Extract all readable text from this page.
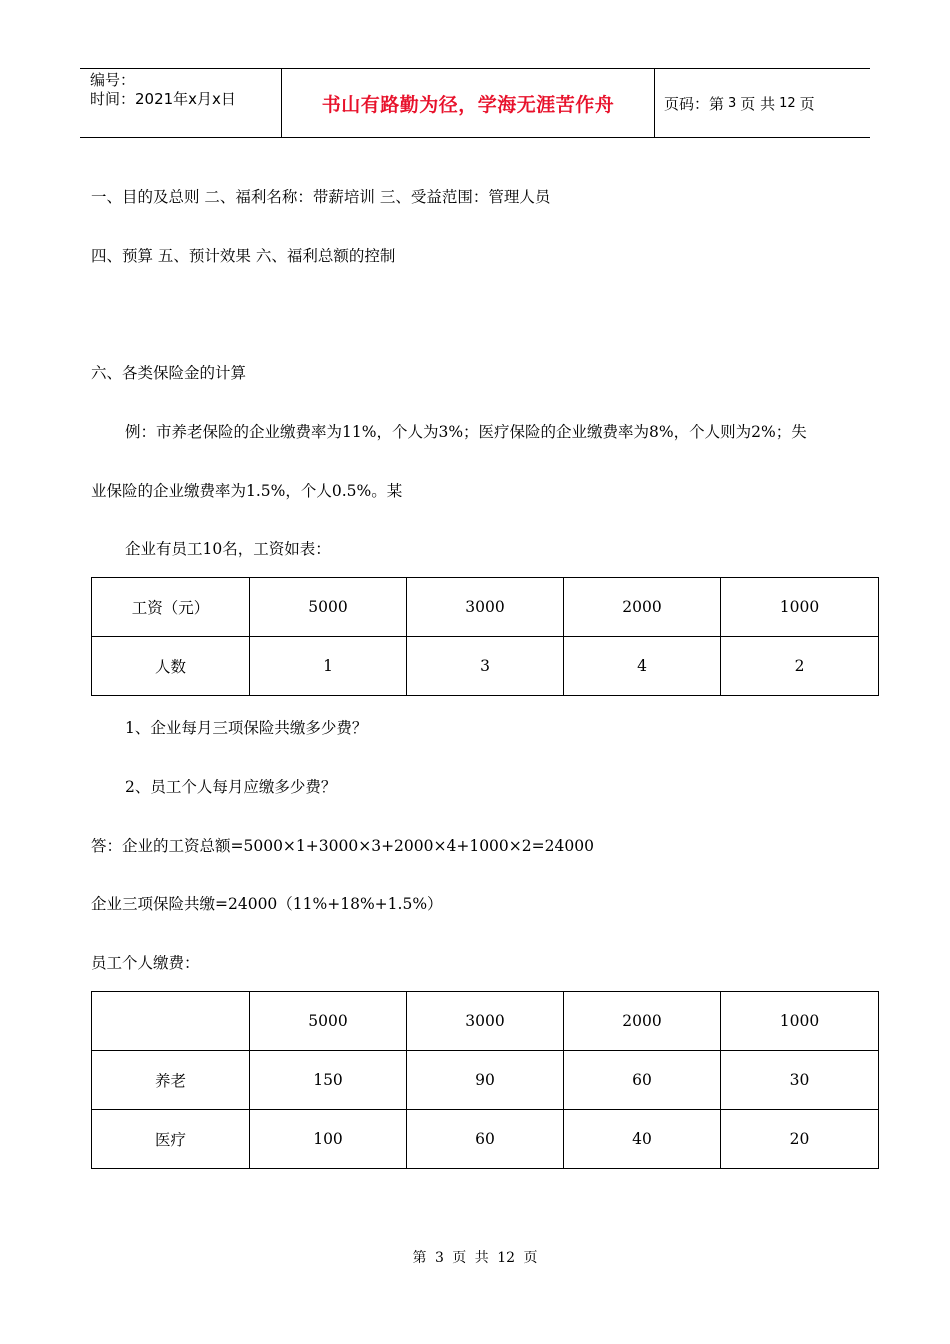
编号：
时间：2021年x月x日	书山有路勤为径，学海无涯苦作舟	页码：第 3 页 共 12 页
一、目的及总则 二、福利名称：带薪培训 三、受益范围：管理人员
四、预算 五、预计效果 六、福利总额的控制
六、各类保险金的计算
例：市养老保险的企业缴费率为11%，个人为3%；医疗保险的企业缴费率为8%，个人则为2%；失
业保险的企业缴费率为1.5%，个人0.5%。某
企业有员工10名，工资如表：
工资（元）	5000	3000	2000	1000
人数	1	3	4	2
1、企业每月三项保险共缴多少费？
2、员工个人每月应缴多少费？
答：企业的工资总额=5000×1+3000×3+2000×4+1000×2=24000
企业三项保险共缴=24000（11%+18%+1.5%）
员工个人缴费：
	5000	3000	2000	1000
养老	150	90	60	30
医疗	100	60	40	20
第 3 页 共 12 页
